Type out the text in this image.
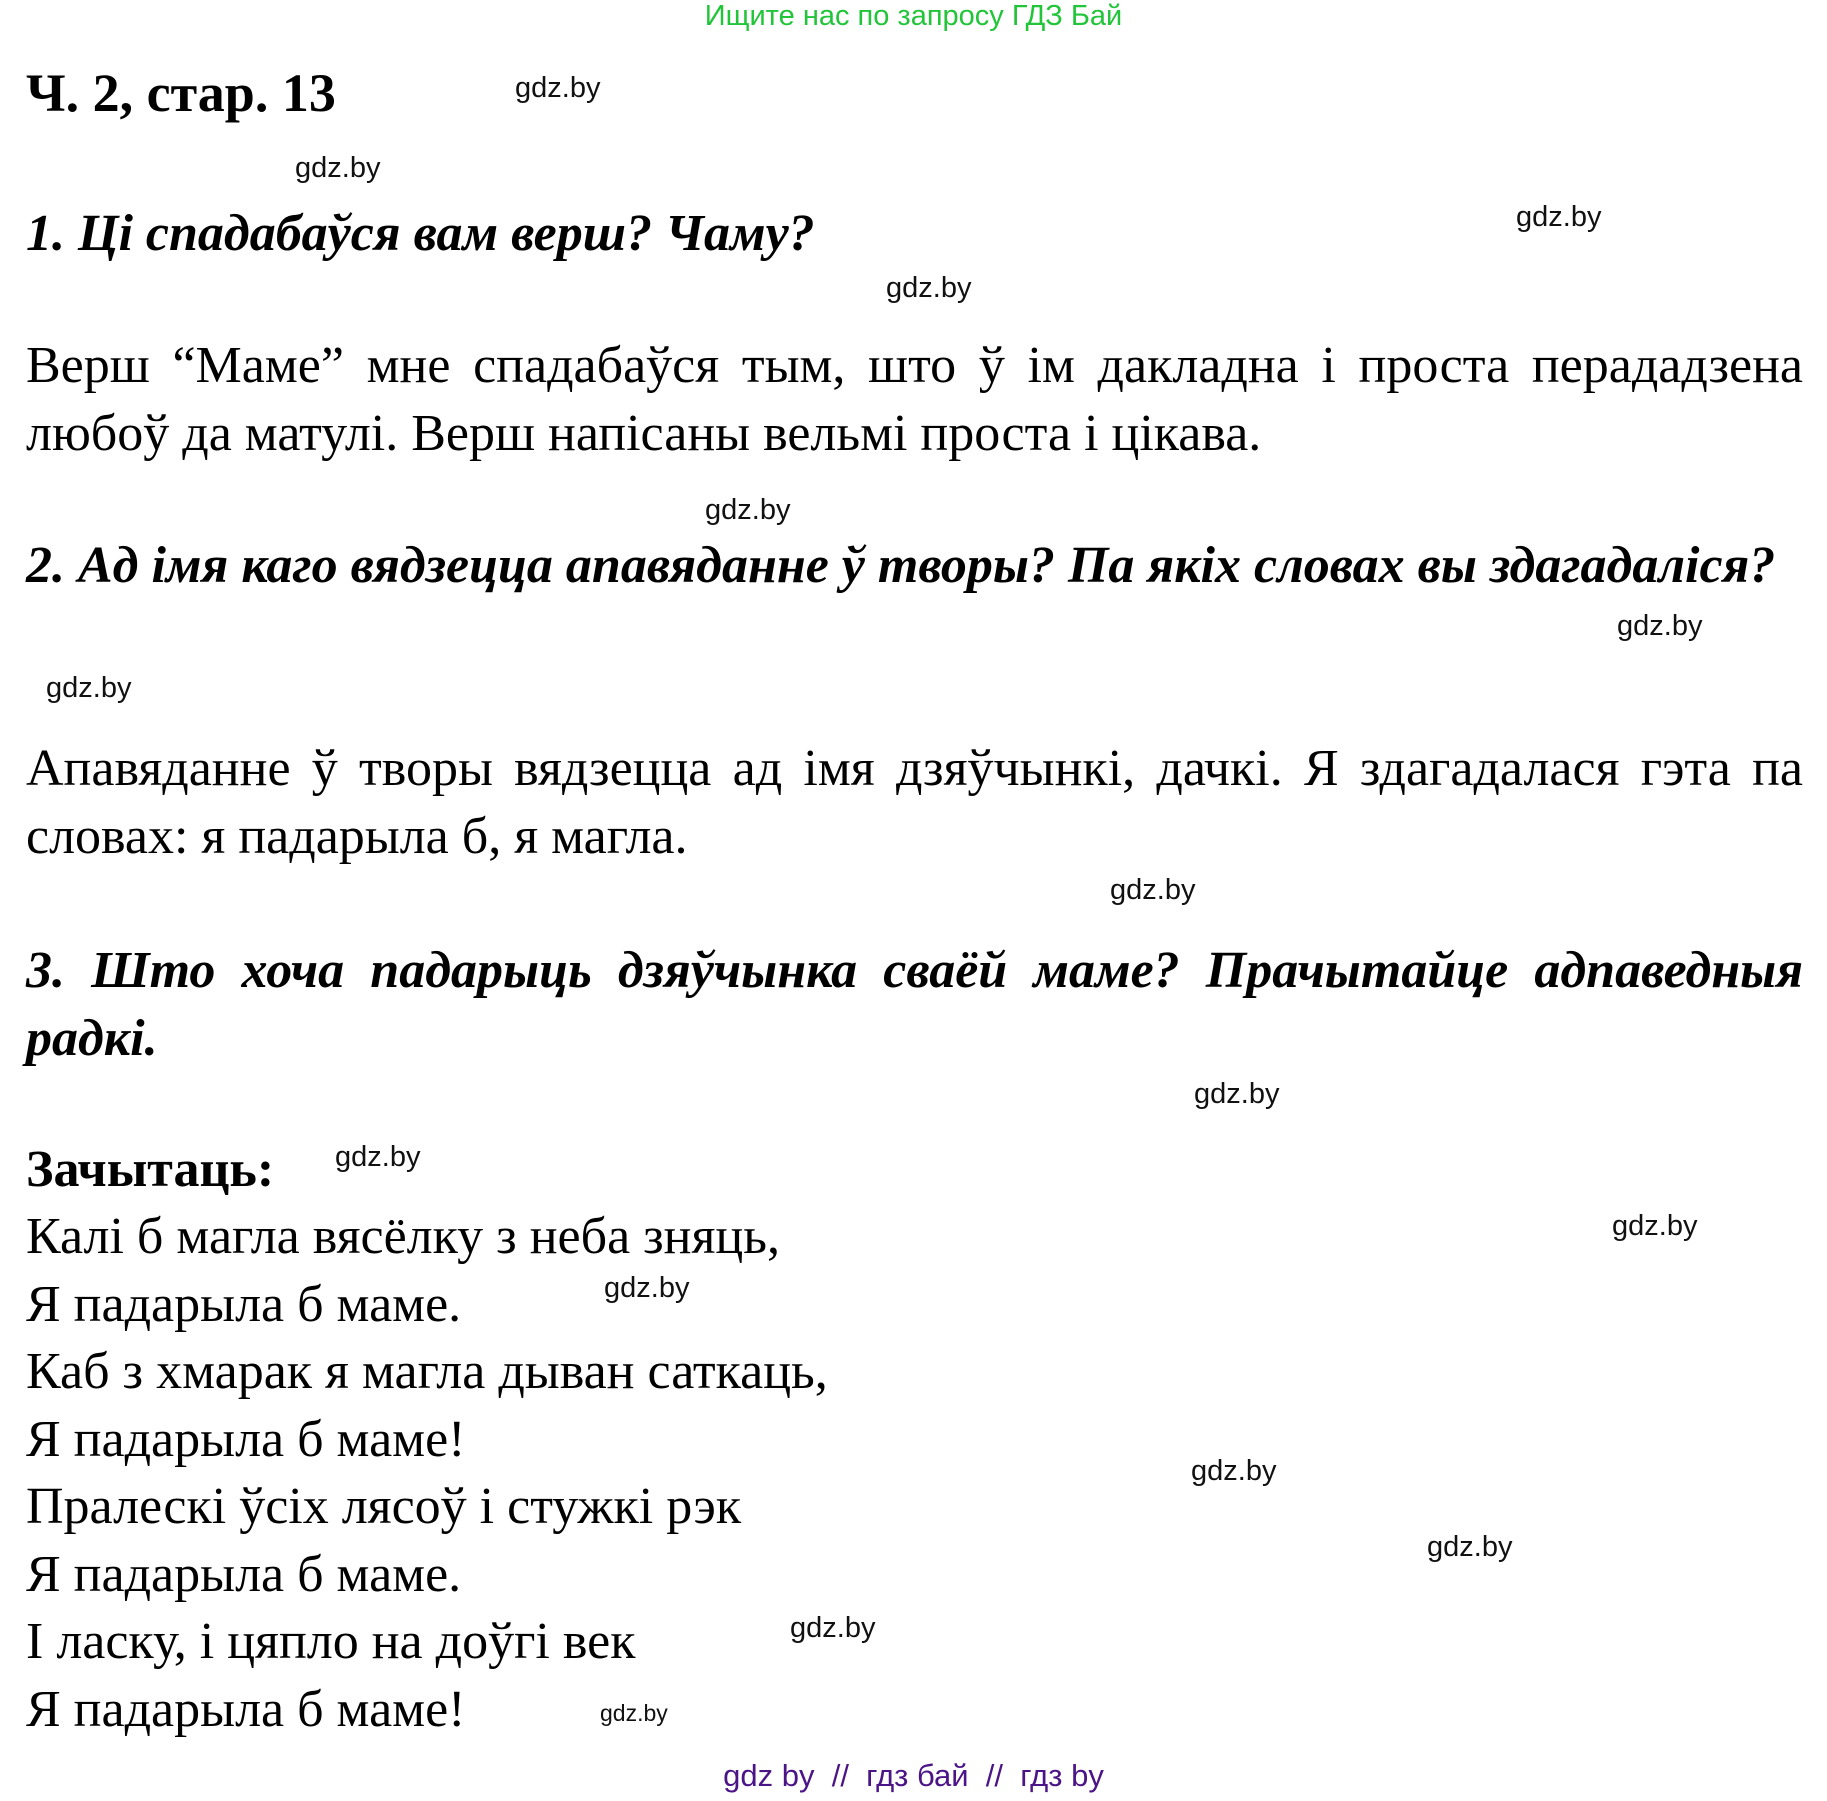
Ищите нас по запросу ГДЗ Бай
Ч. 2, стар. 13
1. Ці спадабаўся вам верш? Чаму?
Верш “Маме” мне спадабаўся тым, што ў ім дакладна і проста перададзена любоў да матулі. Верш напісаны вельмі проста і цікава.
2. Ад імя каго вядзецца апавяданне ў творы? Па якіх словах вы здагадаліся?
Апавяданне ў творы вядзецца ад імя дзяўчынкі, дачкі. Я здагадалася гэта па словах: я падарыла б, я магла.
3. Што хоча падарыць дзяўчынка сваёй маме? Прачытайце адпаведныя радкі.
Зачытаць:
Калі б магла вясёлку з неба зняць,
Я падарыла б маме.
Каб з хмарак я магла дыван саткаць,
Я падарыла б маме!
Пралескі ўсіх лясоў і стужкі рэк
Я падарыла б маме.
І ласку, і цяпло на доўгі век
Я падарыла б маме!
gdz.by
gdz.by
gdz.by
gdz.by
gdz.by
gdz.by
gdz.by
gdz.by
gdz.by
gdz.by
gdz.by
gdz.by
gdz.by
gdz.by
gdz.by
gdz.by
gdz by  //  гдз бай  //  гдз by
